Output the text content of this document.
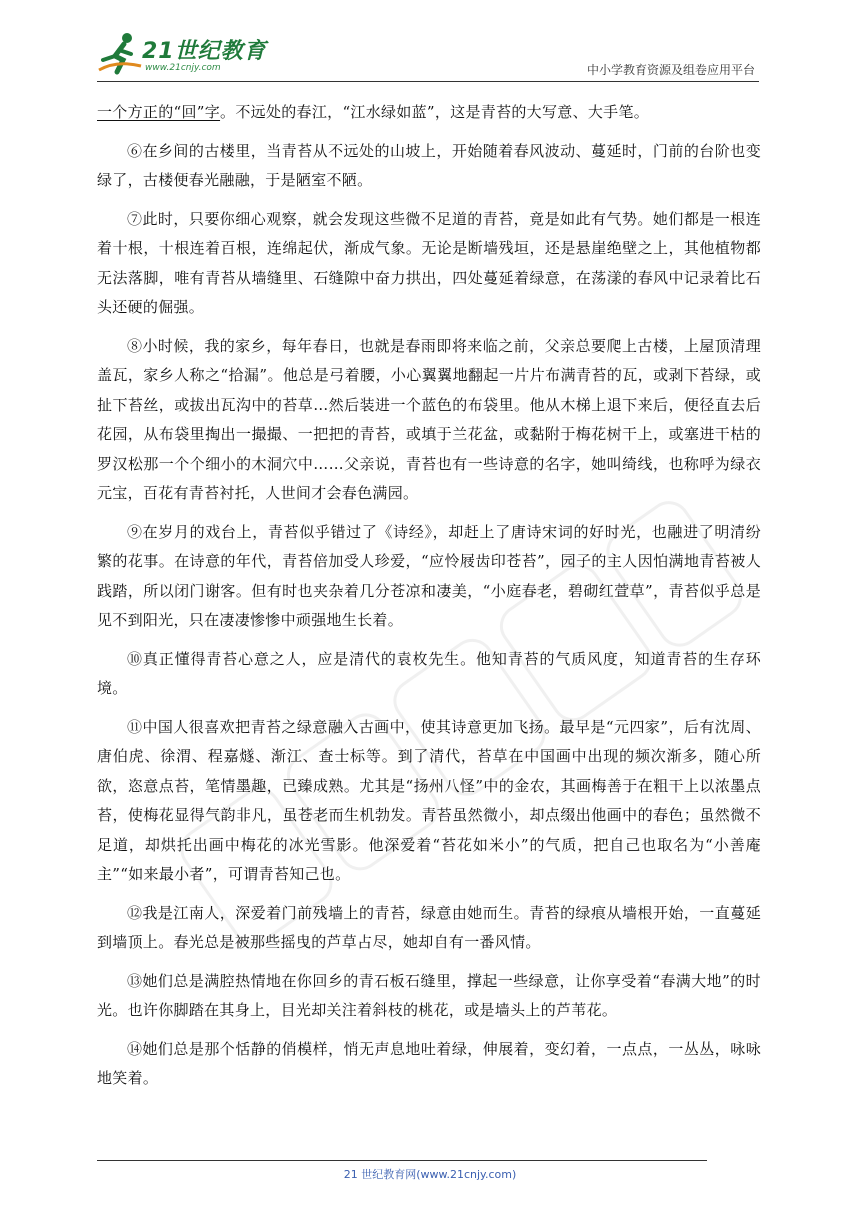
21世纪教育
www.21cnjy.com	中小学教育资源及组卷应用平台

一个方正的“回”字。不远处的春江，“江水绿如蓝”，这是青苔的大写意、大手笔。

⑥在乡间的古楼里，当青苔从不远处的山坡上，开始随着春风波动、蔓延时，门前的台阶也变绿了，古楼便春光融融，于是陋室不陋。

⑦此时，只要你细心观察，就会发现这些微不足道的青苔，竟是如此有气势。她们都是一根连着十根，十根连着百根，连绵起伏，渐成气象。无论是断墙残垣，还是悬崖绝壁之上，其他植物都无法落脚，唯有青苔从墙缝里、石缝隙中奋力拱出，四处蔓延着绿意，在荡漾的春风中记录着比石头还硬的倔强。

⑧小时候，我的家乡，每年春日，也就是春雨即将来临之前，父亲总要爬上古楼，上屋顶清理盖瓦，家乡人称之“拾漏”。他总是弓着腰，小心翼翼地翻起一片片布满青苔的瓦，或剥下苔绿，或扯下苔丝，或拔出瓦沟中的苔草…然后装进一个蓝色的布袋里。他从木梯上退下来后，便径直去后花园，从布袋里掏出一撮撮、一把把的青苔，或填于兰花盆，或黏附于梅花树干上，或塞进干枯的罗汉松那一个个细小的木洞穴中……父亲说，青苔也有一些诗意的名字，她叫绮线，也称呼为绿衣元宝，百花有青苔衬托，人世间才会春色满园。

⑨在岁月的戏台上，青苔似乎错过了《诗经》，却赶上了唐诗宋词的好时光，也融进了明清纷繁的花事。在诗意的年代，青苔倍加受人珍爱，“应怜屐齿印苍苔”，园子的主人因怕满地青苔被人践踏，所以闭门谢客。但有时也夹杂着几分苍凉和凄美，“小庭春老，碧砌红萱草”，青苔似乎总是见不到阳光，只在凄凄惨惨中顽强地生长着。

⑩真正懂得青苔心意之人，应是清代的袁枚先生。他知青苔的气质风度，知道青苔的生存环境。

⑪中国人很喜欢把青苔之绿意融入古画中，使其诗意更加飞扬。最早是“元四家”，后有沈周、唐伯虎、徐渭、程嘉燧、渐江、查士标等。到了清代，苔草在中国画中出现的频次渐多，随心所欲，恣意点苔，笔情墨趣，已臻成熟。尤其是“扬州八怪”中的金农，其画梅善于在粗干上以浓墨点苔，使梅花显得气韵非凡，虽苍老而生机勃发。青苔虽然微小，却点缀出他画中的春色；虽然微不足道，却烘托出画中梅花的冰光雪影。他深爱着“苔花如米小”的气质，把自己也取名为“小善庵主”“如来最小者”，可谓青苔知己也。

⑫我是江南人，深爱着门前残墙上的青苔，绿意由她而生。青苔的绿痕从墙根开始，一直蔓延到墙顶上。春光总是被那些摇曳的芦草占尽，她却自有一番风情。

⑬她们总是满腔热情地在你回乡的青石板石缝里，撑起一些绿意，让你享受着“春满大地”的时光。也许你脚踏在其身上，目光却关注着斜枝的桃花，或是墙头上的芦苇花。

⑭她们总是那个恬静的俏模样，悄无声息地吐着绿，伸展着，变幻着，一点点，一丛丛，咏咏地笑着。

21 世纪教育网(www.21cnjy.com)
